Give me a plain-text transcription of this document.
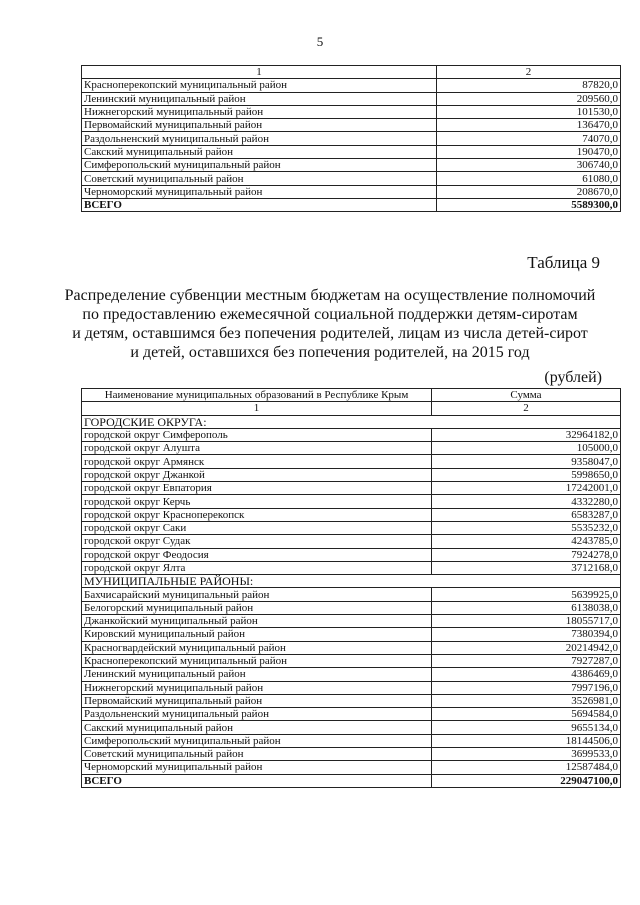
5
1	2
Красноперекопский муниципальный район	87820,0
Ленинский муниципальный район	209560,0
Нижнегорский муниципальный район	101530,0
Первомайский муниципальный район	136470,0
Раздольненский муниципальный район	74070,0
Сакский муниципальный район	190470,0
Симферопольский муниципальный район	306740,0
Советский муниципальный район	61080,0
Черноморский муниципальный район	208670,0
ВСЕГО	5589300,0
Таблица 9
Распределение субвенции местным бюджетам на осуществление полномочий
по предоставлению ежемесячной социальной поддержки детям-сиротам
и детям, оставшимся без попечения родителей, лицам из числа детей-сирот
и детей, оставшихся без попечения родителей, на 2015 год
(рублей)
Наименование муниципальных образований в Республике Крым	Сумма
1	2
ГОРОДСКИЕ ОКРУГА:	
городской округ Симферополь	32964182,0
городской округ Алушта	105000,0
городской округ Армянск	9358047,0
городской округ Джанкой	5998650,0
городской округ Евпатория	17242001,0
городской округ Керчь	4332280,0
городской округ Красноперекопск	6583287,0
городской округ Саки	5535232,0
городской округ Судак	4243785,0
городской округ Феодосия	7924278,0
городской округ Ялта	3712168,0
МУНИЦИПАЛЬНЫЕ РАЙОНЫ:	
Бахчисарайский муниципальный район	5639925,0
Белогорский муниципальный район	6138038,0
Джанкойский муниципальный район	18055717,0
Кировский муниципальный район	7380394,0
Красногвардейский муниципальный район	20214942,0
Красноперекопский муниципальный район	7927287,0
Ленинский муниципальный район	4386469,0
Нижнегорский муниципальный район	7997196,0
Первомайский муниципальный район	3526981,0
Раздольненский муниципальный район	5694584,0
Сакский муниципальный район	9655134,0
Симферопольский муниципальный район	18144506,0
Советский муниципальный район	3699533,0
Черноморский муниципальный район	12587484,0
ВСЕГО	229047100,0
